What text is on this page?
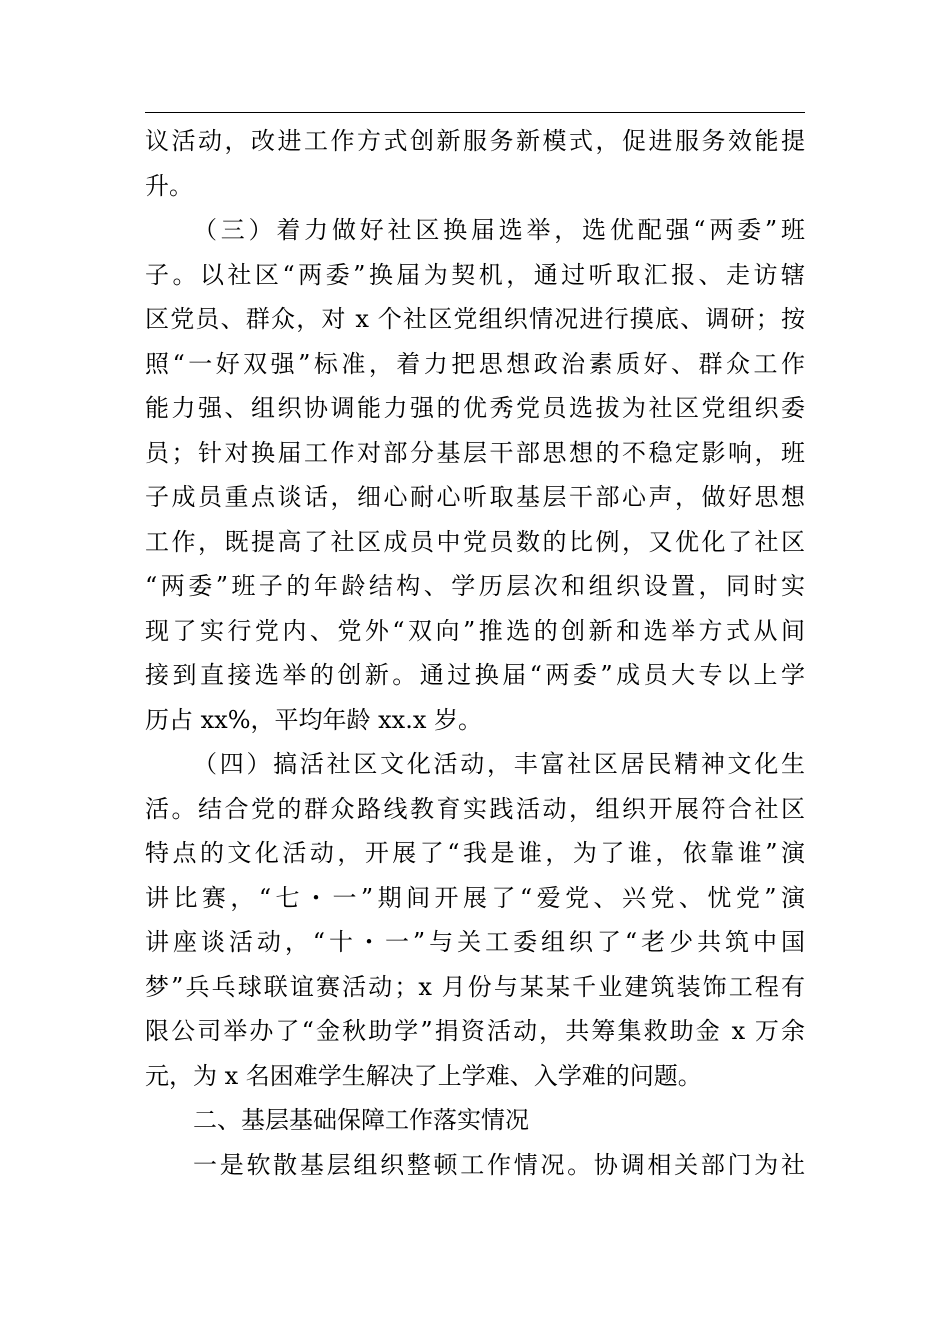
议活动，改进工作方式创新服务新模式，促进服务效能提
升。
（三）着力做好社区换届选举，选优配强“两委”班
子。以社区“两委”换届为契机，通过听取汇报、走访辖
区党员、群众，对 x 个社区党组织情况进行摸底、调研；按
照“一好双强”标准，着力把思想政治素质好、群众工作
能力强、组织协调能力强的优秀党员选拔为社区党组织委
员；针对换届工作对部分基层干部思想的不稳定影响，班
子成员重点谈话，细心耐心听取基层干部心声，做好思想
工作，既提高了社区成员中党员数的比例，又优化了社区
“两委”班子的年龄结构、学历层次和组织设置，同时实
现了实行党内、党外“双向”推选的创新和选举方式从间
接到直接选举的创新。通过换届“两委”成员大专以上学
历占 xx%，平均年龄 xx.x 岁。
（四）搞活社区文化活动，丰富社区居民精神文化生
活。结合党的群众路线教育实践活动，组织开展符合社区
特点的文化活动，开展了“我是谁，为了谁，依靠谁”演
讲比赛，“七・一”期间开展了“爱党、兴党、忧党”演
讲座谈活动，“十・一”与关工委组织了“老少共筑中国
梦”兵乓球联谊赛活动；x 月份与某某千业建筑装饰工程有
限公司举办了“金秋助学”捐资活动，共筹集救助金 x 万余
元，为 x 名困难学生解决了上学难、入学难的问题。
二、基层基础保障工作落实情况
一是软散基层组织整顿工作情况。协调相关部门为社
